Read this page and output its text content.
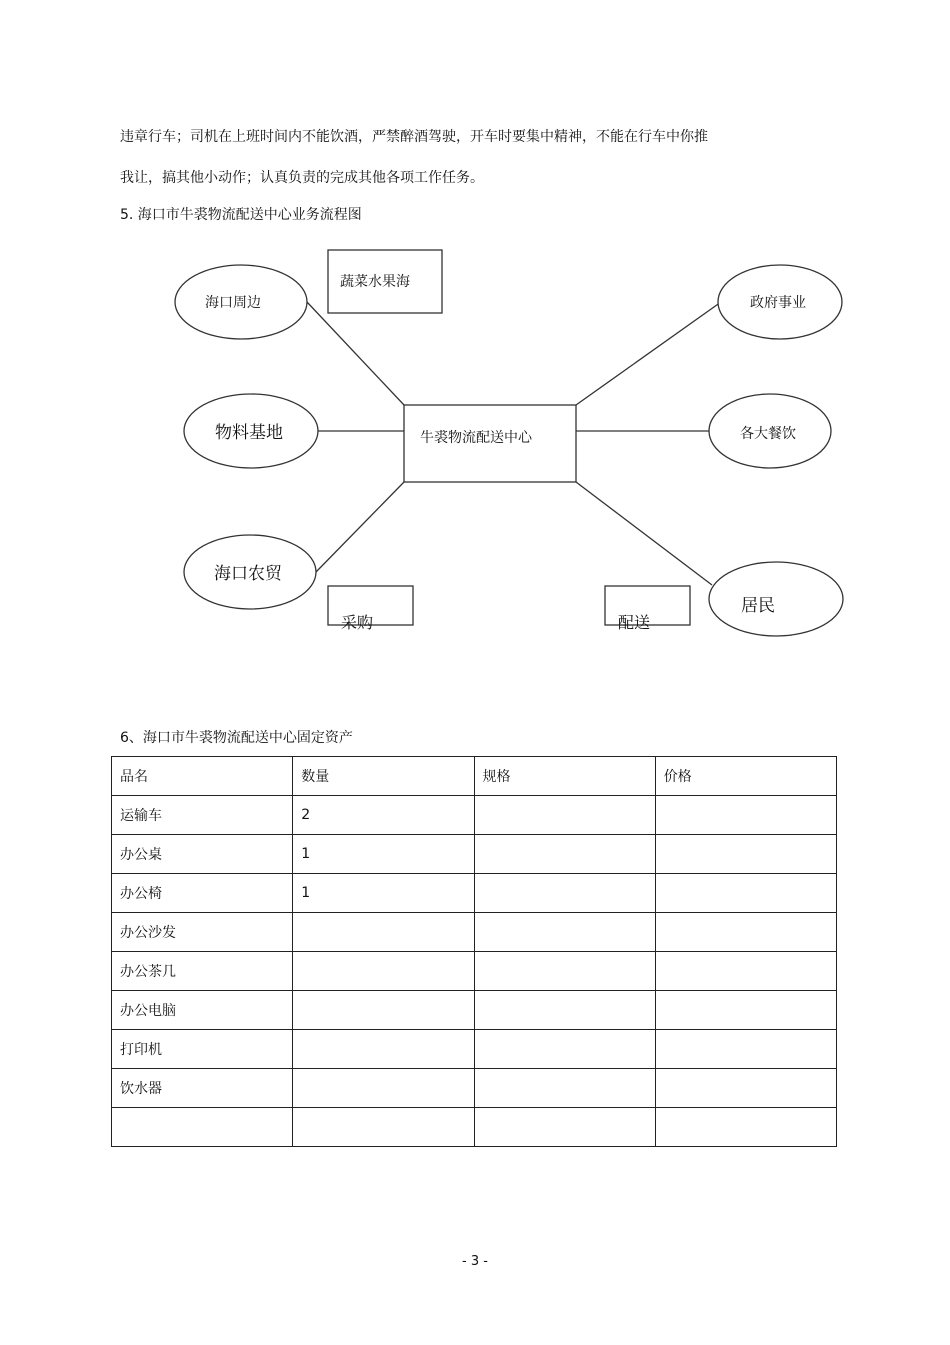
违章行车；司机在上班时间内不能饮酒，严禁醉酒驾驶，开车时要集中精神，不能在行车中你推
我让，搞其他小动作；认真负责的完成其他各项工作任务。
5. 海口市牛裘物流配送中心业务流程图
蔬菜水果海
海口周边
物料基地
海口农贸
牛裘物流配送中心
政府事业
各大餐饮
居民
采购	配送
6、海口市牛裘物流配送中心固定资产
品名	数量	规格	价格
运输车	2		
办公桌	1		
办公椅	1		
办公沙发			
办公茶几			
办公电脑			
打印机			
饮水器			

- 3 -
